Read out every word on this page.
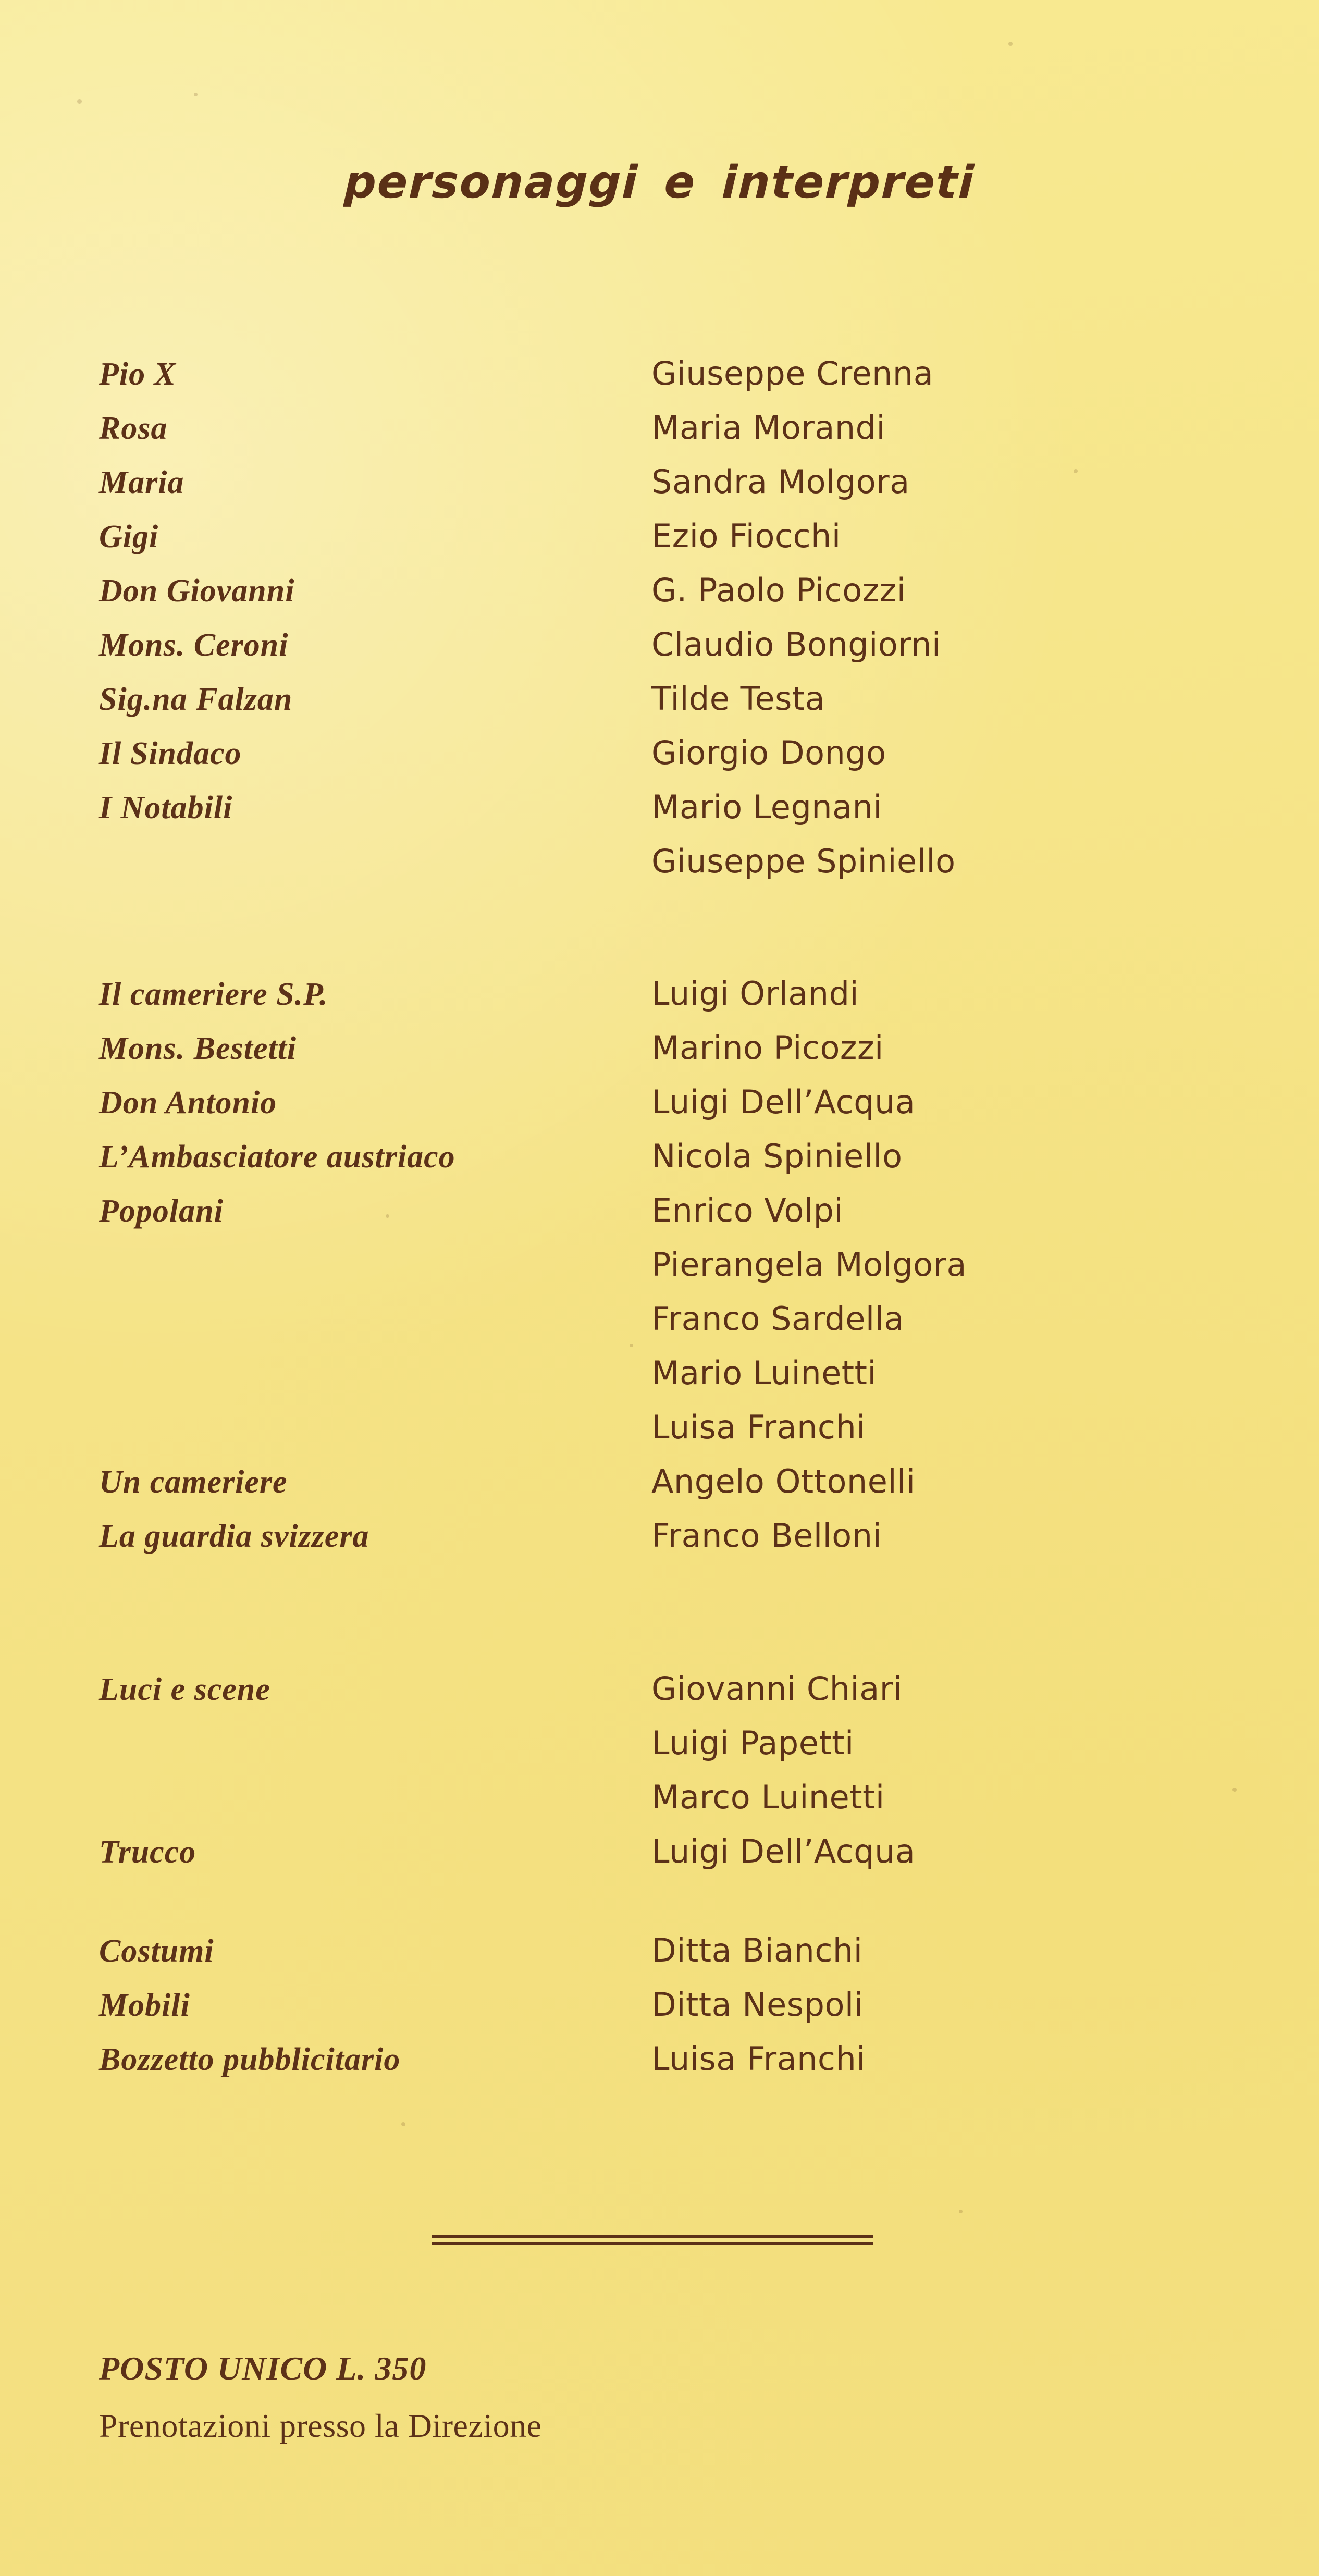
personaggi e interpreti
Pio X	Giuseppe Crenna
Rosa	Maria Morandi
Maria	Sandra Molgora
Gigi	Ezio Fiocchi
Don Giovanni	G. Paolo Picozzi
Mons. Ceroni	Claudio Bongiorni
Sig.na Falzan	Tilde Testa
Il Sindaco	Giorgio Dongo
I Notabili	Mario Legnani
Giuseppe Spiniello
Il cameriere S.P.	Luigi Orlandi
Mons. Bestetti	Marino Picozzi
Don Antonio	Luigi Dell’Acqua
L’Ambasciatore austriaco	Nicola Spiniello
Popolani	Enrico Volpi
Pierangela Molgora
Franco Sardella
Mario Luinetti
Luisa Franchi
Un cameriere	Angelo Ottonelli
La guardia svizzera	Franco Belloni
Luci e scene	Giovanni Chiari
Luigi Papetti
Marco Luinetti
Trucco	Luigi Dell’Acqua
Costumi	Ditta Bianchi
Mobili	Ditta Nespoli
Bozzetto pubblicitario	Luisa Franchi
POSTO UNICO L. 350
Prenotazioni presso la Direzione
